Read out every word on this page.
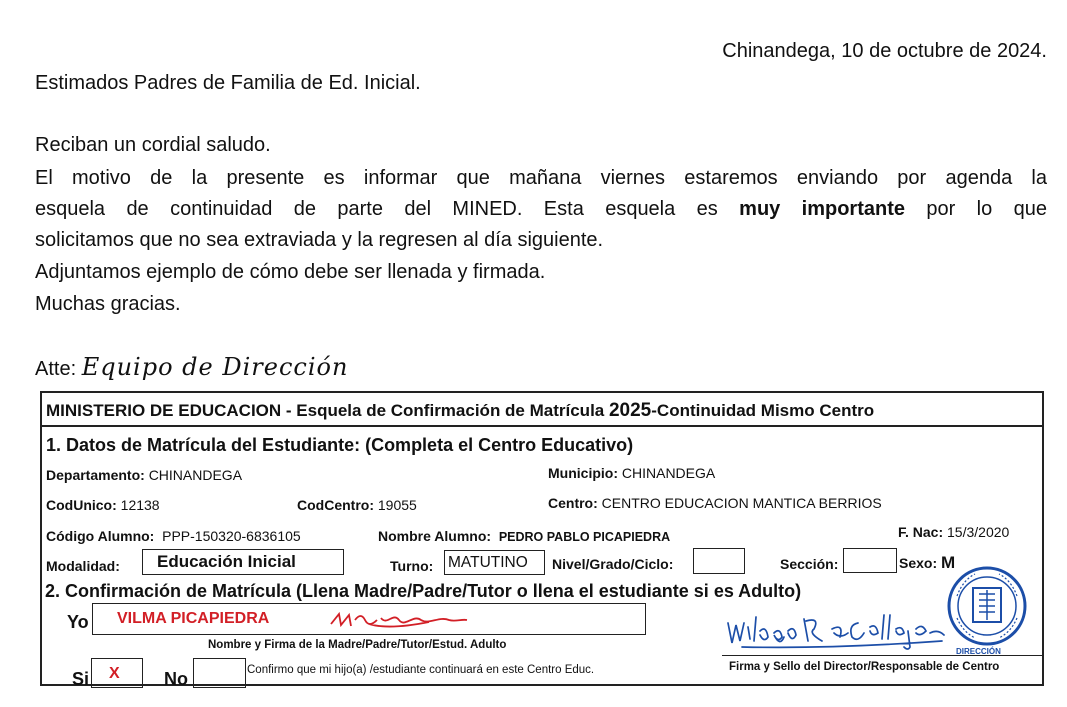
Chinandega, 10 de octubre de 2024.
Estimados Padres de Familia de Ed. Inicial.
Reciban un cordial saludo.
El motivo de la presente es informar que mañana viernes estaremos enviando por agenda la
esquela de continuidad de parte del MINED. Esta esquela es muy importante por lo que
solicitamos que no sea extraviada y la regresen al día siguiente.
Adjuntamos ejemplo de cómo debe ser llenada y firmada.
Muchas gracias.
Atte: Equipo de Dirección
MINISTERIO DE EDUCACION - Esquela de Confirmación de Matrícula 2025-Continuidad Mismo Centro
1. Datos de Matrícula del Estudiante: (Completa el Centro Educativo)
Departamento: CHINANDEGA	Municipio: CHINANDEGA
CodUnico: 12138	CodCentro: 19055	Centro: CENTRO EDUCACION MANTICA BERRIOS
Código Alumno: PPP-150320-6836105	Nombre Alumno: PEDRO PABLO PICAPIEDRA	F. Nac: 15/3/2020
Modalidad: Educación Inicial	Turno: MATUTINO Nivel/Grado/Ciclo:	Sección:	Sexo: M
2. Confirmación de Matrícula (Llena Madre/Padre/Tutor o llena el estudiante si es Adulto)
Yo VILMA PICAPIEDRA
Nombre y Firma de la Madre/Padre/Tutor/Estud. Adulto
Si X No	Confirmo que mi hijo(a) /estudiante continuará en este Centro Educ.
DIRECCIÓN
Firma y Sello del Director/Responsable de Centro
